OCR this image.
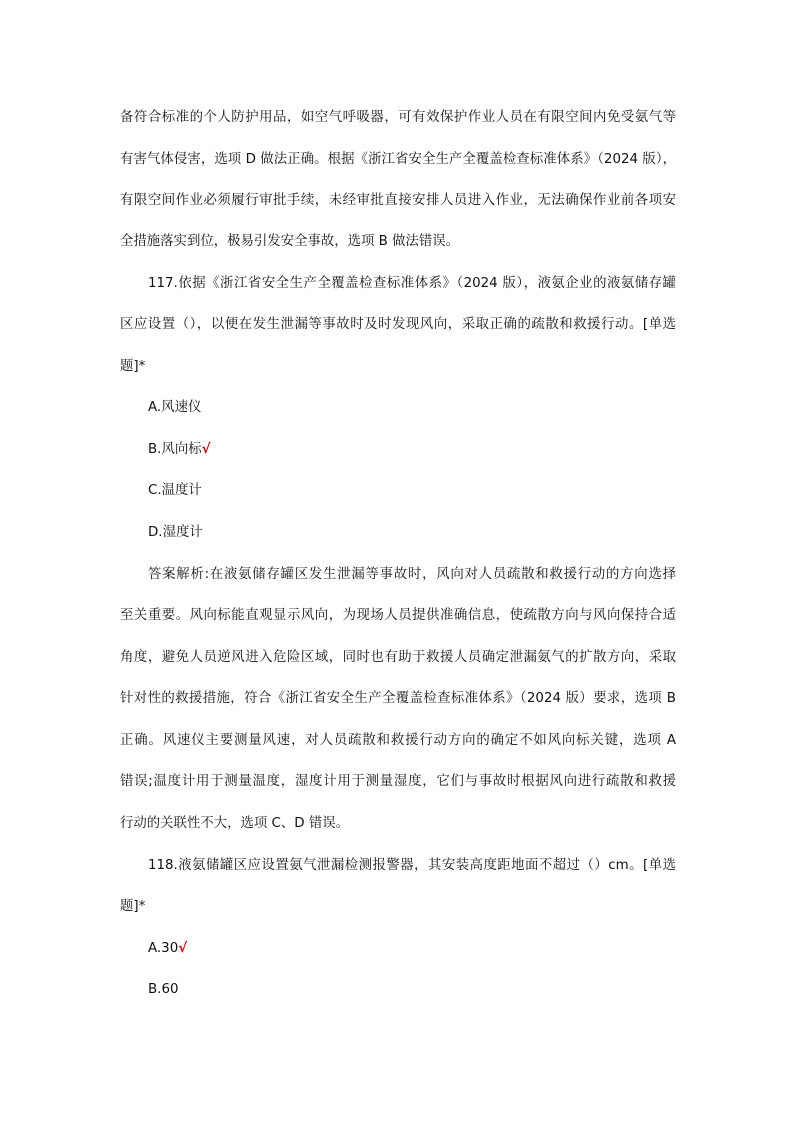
备符合标准的个人防护用品，如空气呼吸器，可有效保护作业人员在有限空间内免受氨气等
有害气体侵害，选项 D 做法正确。根据《浙江省安全生产全覆盖检查标准体系》（2024 版），
有限空间作业必须履行审批手续，未经审批直接安排人员进入作业，无法确保作业前各项安
全措施落实到位，极易引发安全事故，选项 B 做法错误。
117.依据《浙江省安全生产全覆盖检查标准体系》（2024 版），液氨企业的液氨储存罐
区应设置（），以便在发生泄漏等事故时及时发现风向，采取正确的疏散和救援行动。[单选
题]*
A.风速仪
B.风向标√
C.温度计
D.湿度计
答案解析:在液氨储存罐区发生泄漏等事故时，风向对人员疏散和救援行动的方向选择
至关重要。风向标能直观显示风向，为现场人员提供准确信息，使疏散方向与风向保持合适
角度，避免人员逆风进入危险区域，同时也有助于救援人员确定泄漏氨气的扩散方向，采取
针对性的救援措施，符合《浙江省安全生产全覆盖检查标准体系》（2024 版）要求，选项 B
正确。风速仪主要测量风速，对人员疏散和救援行动方向的确定不如风向标关键，选项 A
错误;温度计用于测量温度，湿度计用于测量湿度，它们与事故时根据风向进行疏散和救援
行动的关联性不大，选项 C、D 错误。
118.液氨储罐区应设置氨气泄漏检测报警器，其安装高度距地面不超过（）cm。[单选
题]*
A.30√
B.60
